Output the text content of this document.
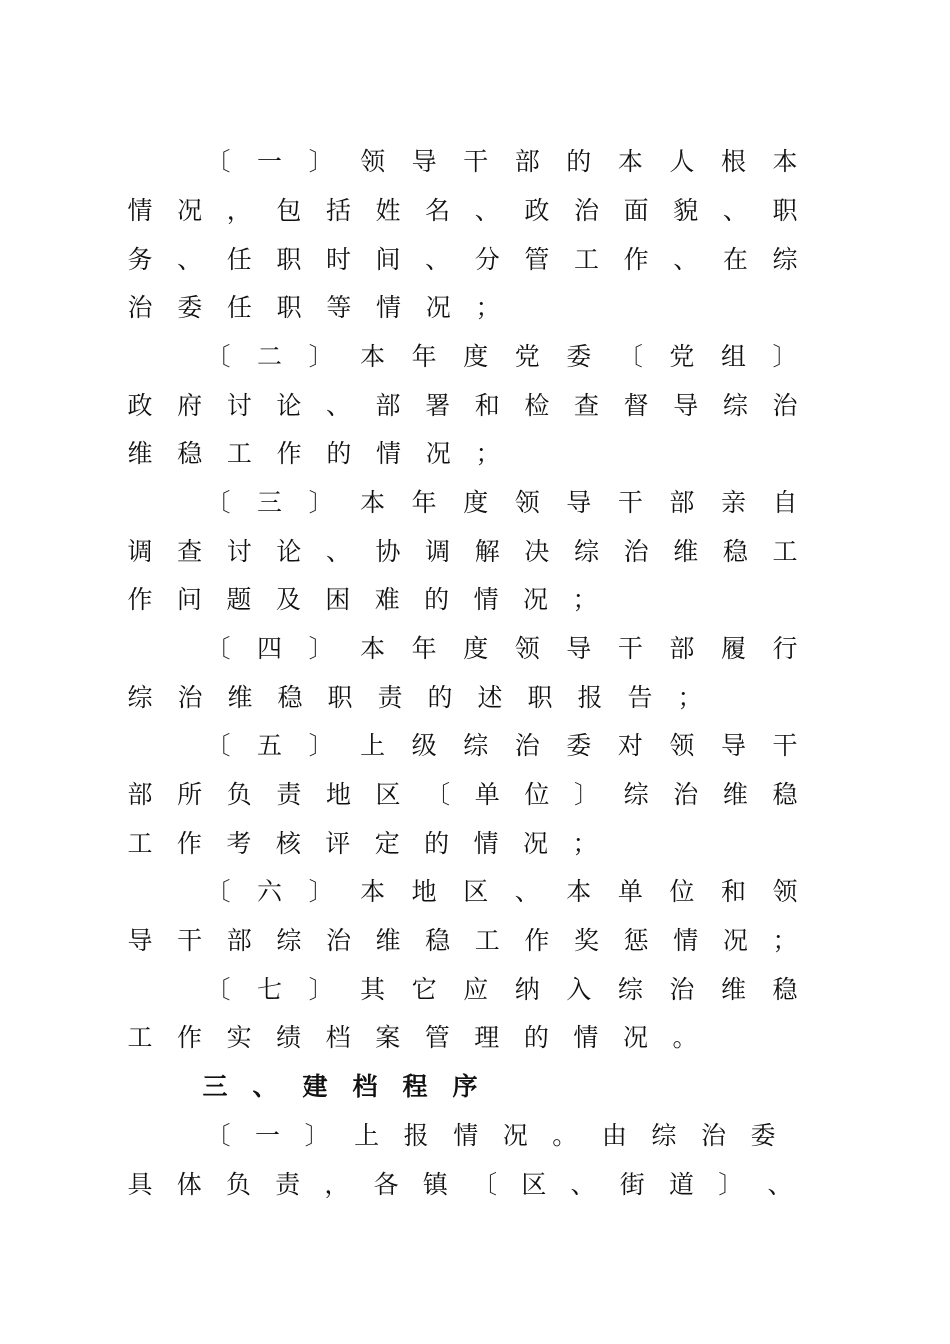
〔 一 〕 领 导 干 部 的 本 人 根 本
情 况 ， 包 括 姓 名 、 政 治 面 貌 、 职
务 、 任 职 时 间 、 分 管 工 作 、 在 综
治 委 任 职 等 情 况 ；
〔 二 〕 本 年 度 党 委 〔 党 组 〕
政 府 讨 论 、 部 署 和 检 查 督 导 综 治
维 稳 工 作 的 情 况 ；
〔 三 〕 本 年 度 领 导 干 部 亲 自
调 查 讨 论 、 协 调 解 决 综 治 维 稳 工
作 问 题 及 困 难 的 情 况 ；
〔 四 〕 本 年 度 领 导 干 部 履 行
综 治 维 稳 职 责 的 述 职 报 告 ；
〔 五 〕 上 级 综 治 委 对 领 导 干
部 所 负 责 地 区 〔 单 位 〕 综 治 维 稳
工 作 考 核 评 定 的 情 况 ；
〔 六 〕 本 地 区 、 本 单 位 和 领
导 干 部 综 治 维 稳 工 作 奖 惩 情 况 ；
〔 七 〕 其 它 应 纳 入 综 治 维 稳
工 作 实 绩 档 案 管 理 的 情 况 。
三 、 建 档 程 序
〔 一 〕 上 报 情 况 。 由 综 治 委
具 体 负 责 ， 各 镇 〔 区 、 街 道 〕 、
